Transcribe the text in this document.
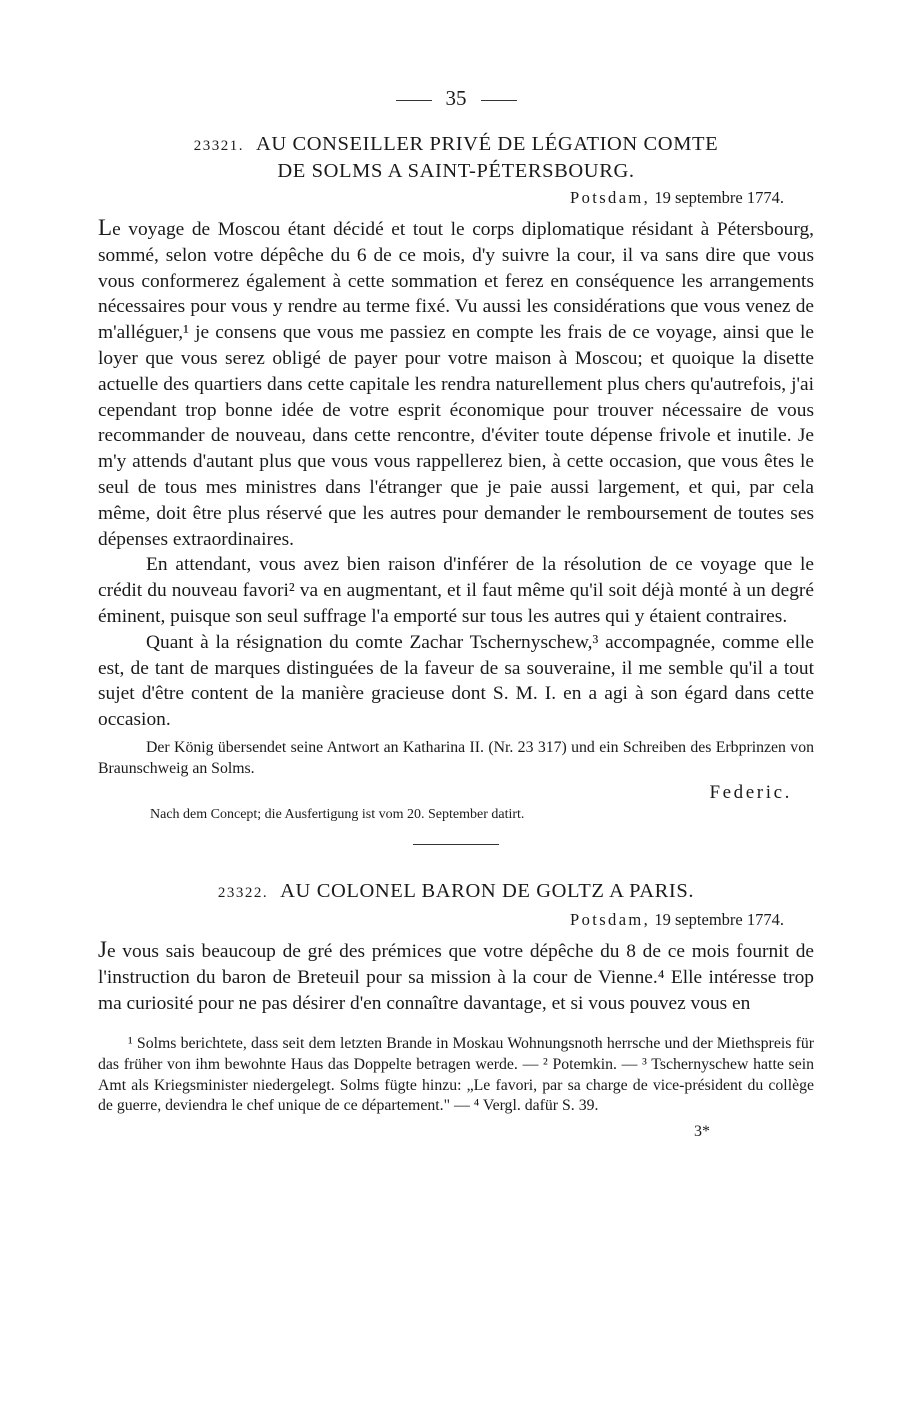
35
23321. AU CONSEILLER PRIVÉ DE LÉGATION COMTE
DE SOLMS A SAINT-PÉTERSBOURG.
Potsdam, 19 septembre 1774.

Le voyage de Moscou étant décidé et tout le corps diplomatique résidant à Pétersbourg, sommé, selon votre dépêche du 6 de ce mois, d'y suivre la cour, il va sans dire que vous vous conformerez également à cette sommation et ferez en conséquence les arrangements nécessaires pour vous y rendre au terme fixé. Vu aussi les considérations que vous venez de m'alléguer,¹ je consens que vous me passiez en compte les frais de ce voyage, ainsi que le loyer que vous serez obligé de payer pour votre maison à Moscou; et quoique la disette actuelle des quartiers dans cette capitale les rendra naturellement plus chers qu'autrefois, j'ai cependant trop bonne idée de votre esprit économique pour trouver nécessaire de vous recommander de nouveau, dans cette rencontre, d'éviter toute dépense frivole et inutile. Je m'y attends d'autant plus que vous vous rappellerez bien, à cette occasion, que vous êtes le seul de tous mes ministres dans l'étranger que je paie aussi largement, et qui, par cela même, doit être plus réservé que les autres pour demander le remboursement de toutes ses dépenses extraordinaires.

En attendant, vous avez bien raison d'inférer de la résolution de ce voyage que le crédit du nouveau favori² va en augmentant, et il faut même qu'il soit déjà monté à un degré éminent, puisque son seul suffrage l'a emporté sur tous les autres qui y étaient contraires.

Quant à la résignation du comte Zachar Tschernyschew,³ accompagnée, comme elle est, de tant de marques distinguées de la faveur de sa souveraine, il me semble qu'il a tout sujet d'être content de la manière gracieuse dont S. M. I. en a agi à son égard dans cette occasion.

Der König übersendet seine Antwort an Katharina II. (Nr. 23 317) und ein Schreiben des Erbprinzen von Braunschweig an Solms.

Federic.
Nach dem Concept; die Ausfertigung ist vom 20. September datirt.
23322. AU COLONEL BARON DE GOLTZ A PARIS.
Potsdam, 19 septembre 1774.

Je vous sais beaucoup de gré des prémices que votre dépêche du 8 de ce mois fournit de l'instruction du baron de Breteuil pour sa mission à la cour de Vienne.⁴ Elle intéresse trop ma curiosité pour ne pas désirer d'en connaître davantage, et si vous pouvez vous en

¹ Solms berichtete, dass seit dem letzten Brande in Moskau Wohnungsnoth herrsche und der Miethspreis für das früher von ihm bewohnte Haus das Doppelte betragen werde. — ² Potemkin. — ³ Tschernyschew hatte sein Amt als Kriegsminister niedergelegt. Solms fügte hinzu: „Le favori, par sa charge de vice-président du collège de guerre, deviendra le chef unique de ce département." — ⁴ Vergl. dafür S. 39.

3*
